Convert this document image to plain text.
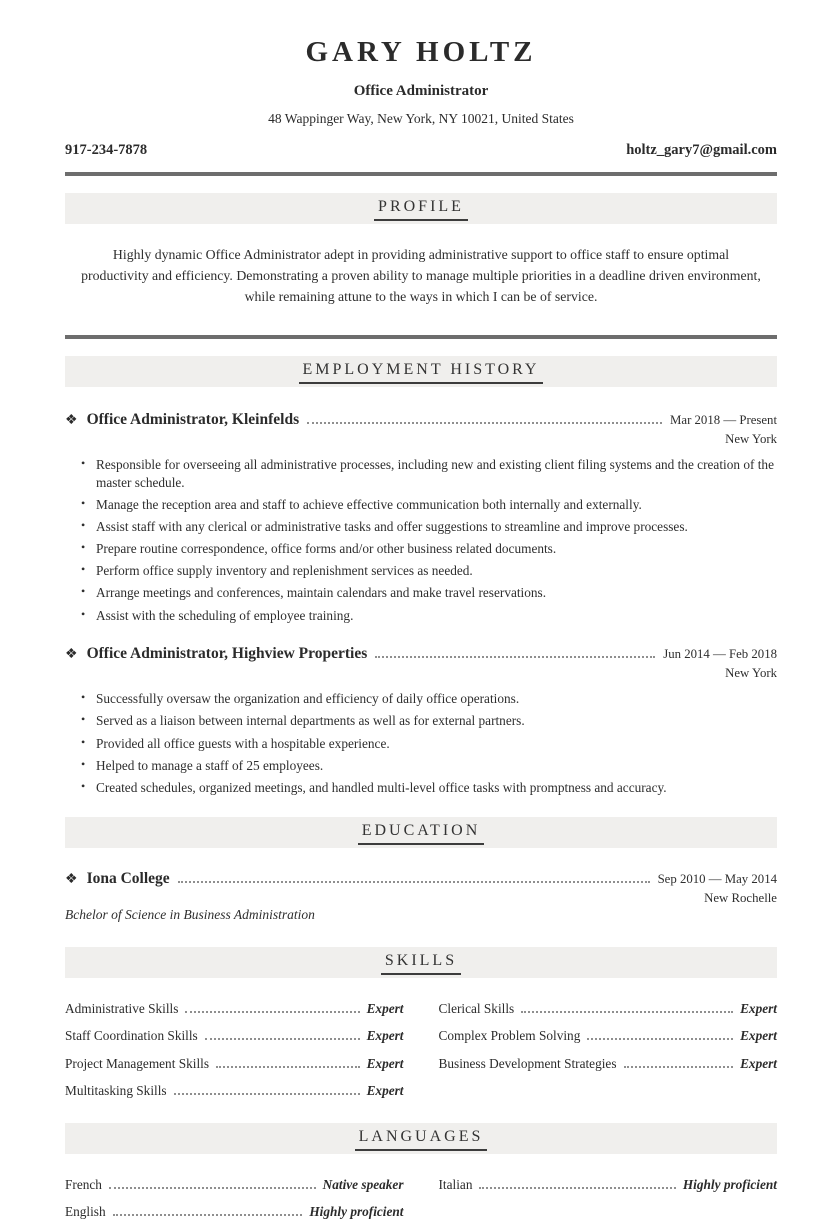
GARY HOLTZ
Office Administrator
48 Wappinger Way, New York, NY 10021, United States
917-234-7878	holtz_gary7@gmail.com
PROFILE
Highly dynamic Office Administrator adept in providing administrative support to office staff to ensure optimal productivity and efficiency. Demonstrating a proven ability to manage multiple priorities in a deadline driven environment, while remaining attune to the ways in which I can be of service.
EMPLOYMENT HISTORY
❖ Office Administrator, Kleinfelds	Mar 2018 — Present
New York
• Responsible for overseeing all administrative processes, including new and existing client filing systems and the creation of the master schedule.
• Manage the reception area and staff to achieve effective communication both internally and externally.
• Assist staff with any clerical or administrative tasks and offer suggestions to streamline and improve processes.
• Prepare routine correspondence, office forms and/or other business related documents.
• Perform office supply inventory and replenishment services as needed.
• Arrange meetings and conferences, maintain calendars and make travel reservations.
• Assist with the scheduling of employee training.
❖ Office Administrator, Highview Properties	Jun 2014 — Feb 2018
New York
• Successfully oversaw the organization and efficiency of daily office operations.
• Served as a liaison between internal departments as well as for external partners.
• Provided all office guests with a hospitable experience.
• Helped to manage a staff of 25 employees.
• Created schedules, organized meetings, and handled multi-level office tasks with promptness and accuracy.
EDUCATION
❖ Iona College	Sep 2010 — May 2014
New Rochelle
Bchelor of Science in Business Administration
SKILLS
Administrative Skills	Expert
Staff Coordination Skills	Expert
Project Management Skills	Expert
Multitasking Skills	Expert
Clerical Skills	Expert
Complex Problem Solving	Expert
Business Development Strategies	Expert
LANGUAGES
French	Native speaker
English	Highly proficient
Italian	Highly proficient
